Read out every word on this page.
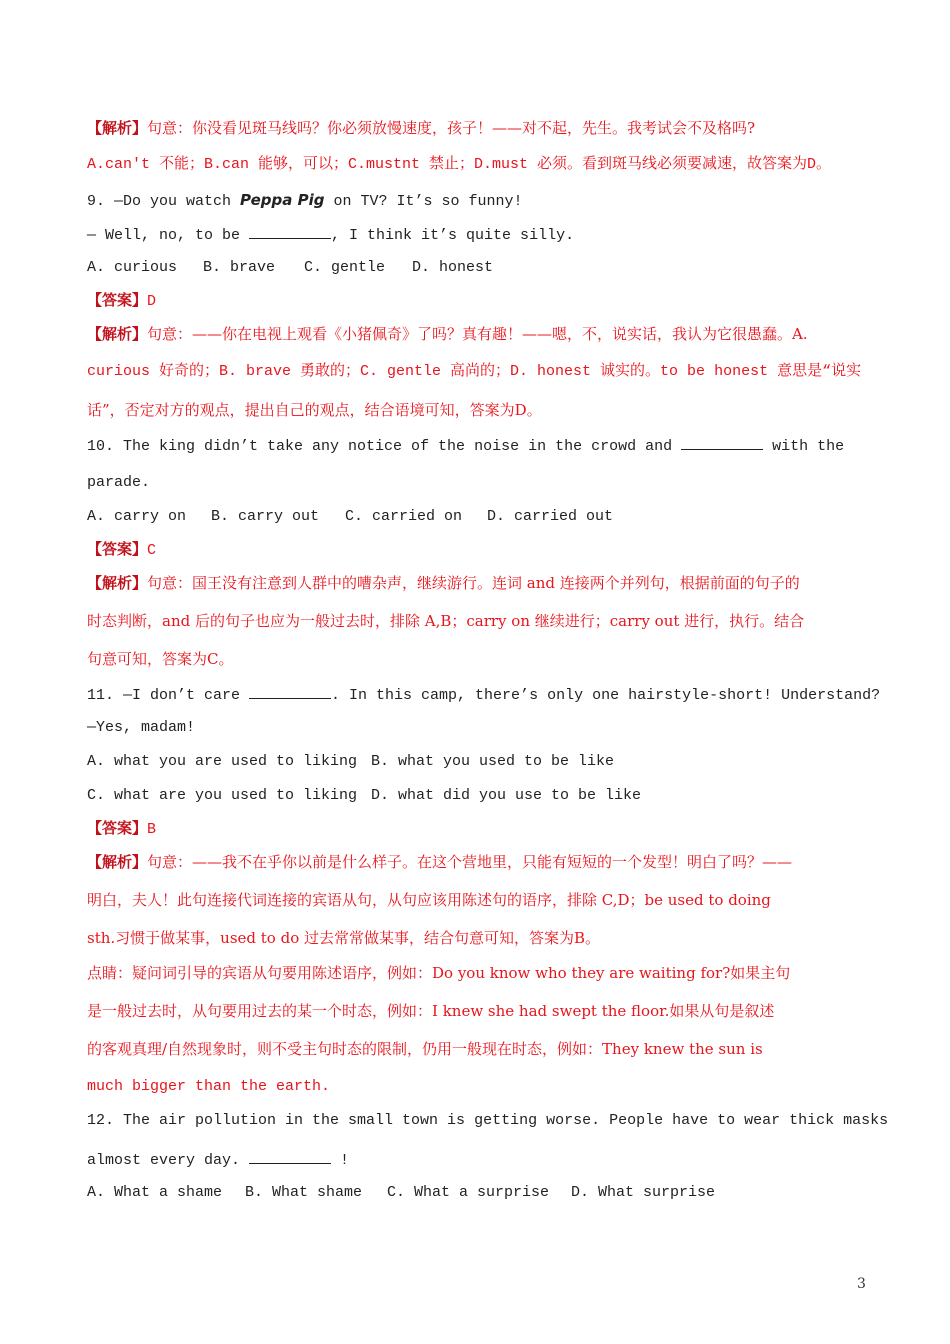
【解析】句意：你没看见斑马线吗？你必须放慢速度，孩子！——对不起，先生。我考试会不及格吗?
A.can't 不能；B.can 能够，可以；C.mustnt 禁止；D.must 必须。看到斑马线必须要减速，故答案为D。
9. —Do you watch Peppa Pig on TV? It’s so funny!
— Well, no, to be	, I think it’s quite silly.
A. curious B. brave C. gentle D. honest
【答案】D
【解析】句意：——你在电视上观看《小猪佩奇》了吗？真有趣！——嗯，不，说实话，我认为它很愚蠢。A.
curious 好奇的；B. brave 勇敢的；C. gentle 高尚的；D. honest 诚实的。to be honest 意思是“说实
话”，否定对方的观点，提出自己的观点，结合语境可知，答案为D。
10. The king didn’t take any notice of the noise in the crowd and	with the
parade.
A. carry on B. carry out C. carried on D. carried out
【答案】C
【解析】句意：国王没有注意到人群中的嘈杂声，继续游行。连词 and 连接两个并列句，根据前面的句子的
时态判断，and 后的句子也应为一般过去时，排除 A,B；carry on 继续进行；carry out 进行，执行。结合
句意可知，答案为C。
11. —I don’t care	. In this camp, there’s only one hairstyle-short! Understand?
—Yes, madam!
A. what you are used to liking B. what you used to be like
C. what are you used to liking D. what did you use to be like
【答案】B
【解析】句意：——我不在乎你以前是什么样子。在这个营地里，只能有短短的一个发型！明白了吗？——
明白，夫人！此句连接代词连接的宾语从句，从句应该用陈述句的语序，排除 C,D；be used to doing
sth.习惯于做某事，used to do 过去常常做某事，结合句意可知，答案为B。
点睛：疑问词引导的宾语从句要用陈述语序，例如：Do you know who they are waiting for?如果主句
是一般过去时，从句要用过去的某一个时态，例如：I knew she had swept the floor.如果从句是叙述
的客观真理/自然现象时，则不受主句时态的限制，仍用一般现在时态，例如：They knew the sun is
much bigger than the earth.
12. The air pollution in the small town is getting worse. People have to wear thick masks
almost every day.	!
A. What a shame B. What shame C. What a surprise D. What surprise
3
